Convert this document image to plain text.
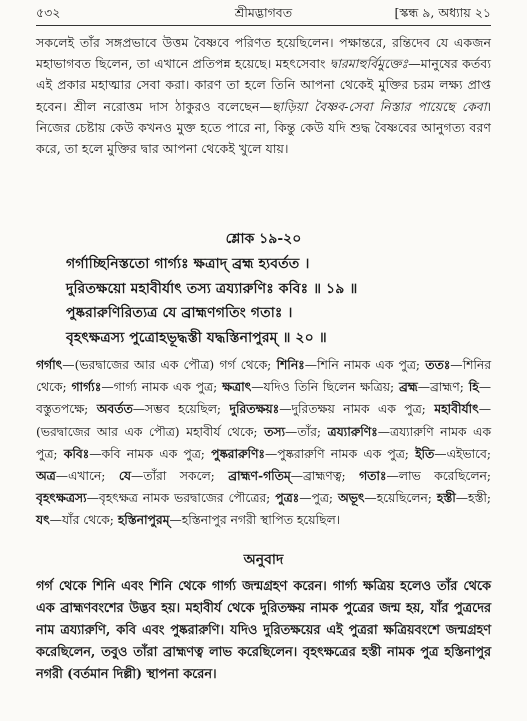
৫৩২	শ্রীমদ্ভাগবত	[স্কন্ধ ৯, অধ্যায় ২১

সকলেই তাঁর সঙ্গপ্রভাবে উত্তম বৈষ্ণবে পরিণত হয়েছিলেন। পক্ষান্তরে, রন্তিদেব যে একজন মহাভাগবত ছিলেন, তা এখানে প্রতিপন্ন হয়েছে। মহৎসেবাং দ্বারমাহুর্বিমুক্তেঃ—মানুষের কর্তব্য এই প্রকার মহাত্মার সেবা করা। কারণ তা হলে তিনি আপনা থেকেই মুক্তির চরম লক্ষ্য প্রাপ্ত হবেন। শ্রীল নরোত্তম দাস ঠাকুরও বলেছেন—ছাড়িয়া বৈষ্ণব-সেবা নিস্তার পায়েছে কেবা। নিজের চেষ্টায় কেউ কখনও মুক্ত হতে পারে না, কিন্তু কেউ যদি শুদ্ধ বৈষ্ণবের আনুগত্য বরণ করে, তা হলে মুক্তির দ্বার আপনা থেকেই খুলে যায়।

শ্লোক ১৯-২০
গর্গাচ্ছিনিস্ততো গার্গ্যঃ ক্ষত্রাদ্ ব্রহ্ম হ্যবর্তত ।
দুরিতক্ষয়ো মহাবীর্যাৎ তস্য ত্রয্যারুণিঃ কবিঃ ॥ ১৯ ॥
পুষ্করারুণিরিত্যত্র যে ব্রাহ্মণগতিং গতাঃ ।
বৃহৎক্ষত্রস্য পুত্রোহভূদ্ধস্তী যদ্ধস্তিনাপুরম্ ॥ ২০ ॥

গর্গাৎ—(ভরদ্বাজের আর এক পৌত্র) গর্গ থেকে; শিনিঃ—শিনি নামক এক পুত্র; ততঃ—শিনির থেকে; গার্গ্যঃ—গার্গ্য নামক এক পুত্র; ক্ষত্রাৎ—যদিও তিনি ছিলেন ক্ষত্রিয়; ব্রহ্ম—ব্রাহ্মণ; হি—বস্তুতপক্ষে; অবর্তত—সম্ভব হয়েছিল; দুরিতক্ষয়ঃ—দুরিতক্ষয় নামক এক পুত্র; মহাবীর্যাৎ—(ভরদ্বাজের আর এক পৌত্র) মহাবীর্য থেকে; তস্য—তাঁর; ত্রয্যারুণিঃ—ত্রয্যারুণি নামক এক পুত্র; কবিঃ—কবি নামক এক পুত্র; পুষ্করারুণিঃ—পুষ্করারুণি নামক এক পুত্র; ইতি—এইভাবে; অত্র—এখানে; যে—তাঁরা সকলে; ব্রাহ্মণ-গতিম্—ব্রাহ্মণত্ব; গতাঃ—লাভ করেছিলেন; বৃহৎক্ষত্রস্য—বৃহৎক্ষত্র নামক ভরদ্বাজের পৌত্রের; পুত্রঃ—পুত্র; অভূৎ—হয়েছিলেন; হস্তী—হস্তী; যৎ—যাঁর থেকে; হস্তিনাপুরম্—হস্তিনাপুর নগরী স্থাপিত হয়েছিল।

অনুবাদ

গর্গ থেকে শিনি এবং শিনি থেকে গার্গ্য জন্মগ্রহণ করেন। গার্গ্য ক্ষত্রিয় হলেও তাঁর থেকে এক ব্রাহ্মণবংশের উদ্ভব হয়। মহাবীর্য থেকে দুরিতক্ষয় নামক পুত্রের জন্ম হয়, যাঁর পুত্রদের নাম ত্রয্যারুণি, কবি এবং পুষ্করারুণি। যদিও দুরিতক্ষয়ের এই পুত্ররা ক্ষত্রিয়বংশে জন্মগ্রহণ করেছিলেন, তবুও তাঁরা ব্রাহ্মণত্ব লাভ করেছিলেন। বৃহৎক্ষত্রের হস্তী নামক পুত্র হস্তিনাপুর নগরী (বর্তমান দিল্লী) স্থাপনা করেন।
